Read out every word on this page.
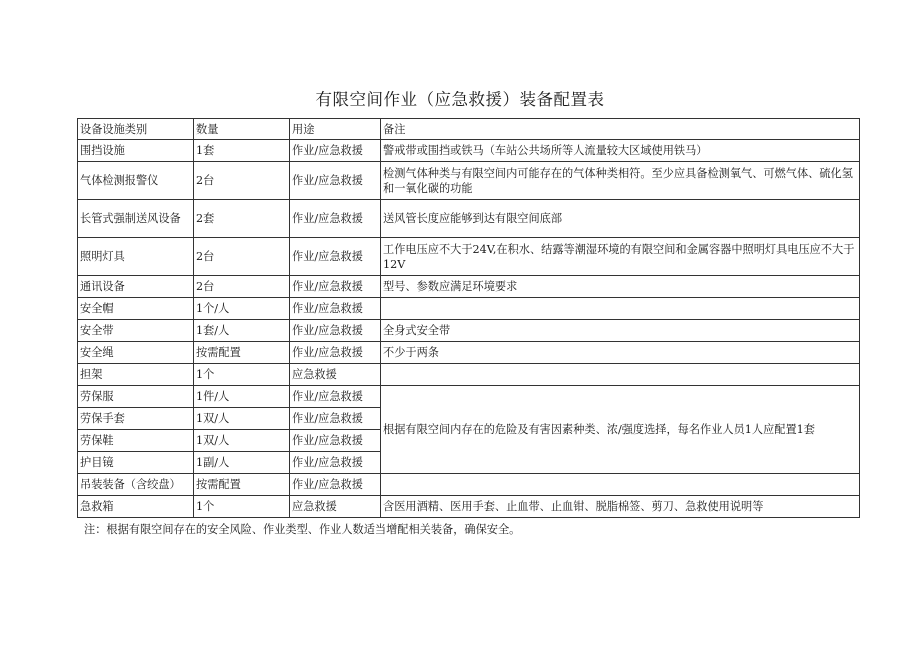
有限空间作业（应急救援）装备配置表
设备设施类别	数量	用途	备注
围挡设施	1套	作业/应急救援	警戒带或围挡或铁马（车站公共场所等人流量较大区域使用铁马）
气体检测报警仪	2台	作业/应急救援	检测气体种类与有限空间内可能存在的气体种类相符。至少应具备检测氧气、可燃气体、硫化氢和一氧化碳的功能
长管式强制送风设备	2套	作业/应急救援	送风管长度应能够到达有限空间底部
照明灯具	2台	作业/应急救援	工作电压应不大于24V,在积水、结露等潮湿环境的有限空间和金属容器中照明灯具电压应不大于12V
通讯设备	2台	作业/应急救援	型号、参数应满足环境要求
安全帽	1个/人	作业/应急救援	
安全带	1套/人	作业/应急救援	全身式安全带
安全绳	按需配置	作业/应急救援	不少于两条
担架	1个	应急救援	
劳保服	1件/人	作业/应急救援	根据有限空间内存在的危险及有害因素种类、浓/强度选择，每名作业人员1人应配置1套
劳保手套	1双/人	作业/应急救援	
劳保鞋	1双/人	作业/应急救援	
护目镜	1副/人	作业/应急救援	
吊装装备（含绞盘）	按需配置	作业/应急救援	
急救箱	1个	应急救援	含医用酒精、医用手套、止血带、止血钳、脱脂棉签、剪刀、急救使用说明等
注：根据有限空间存在的安全风险、作业类型、作业人数适当增配相关装备，确保安全。
